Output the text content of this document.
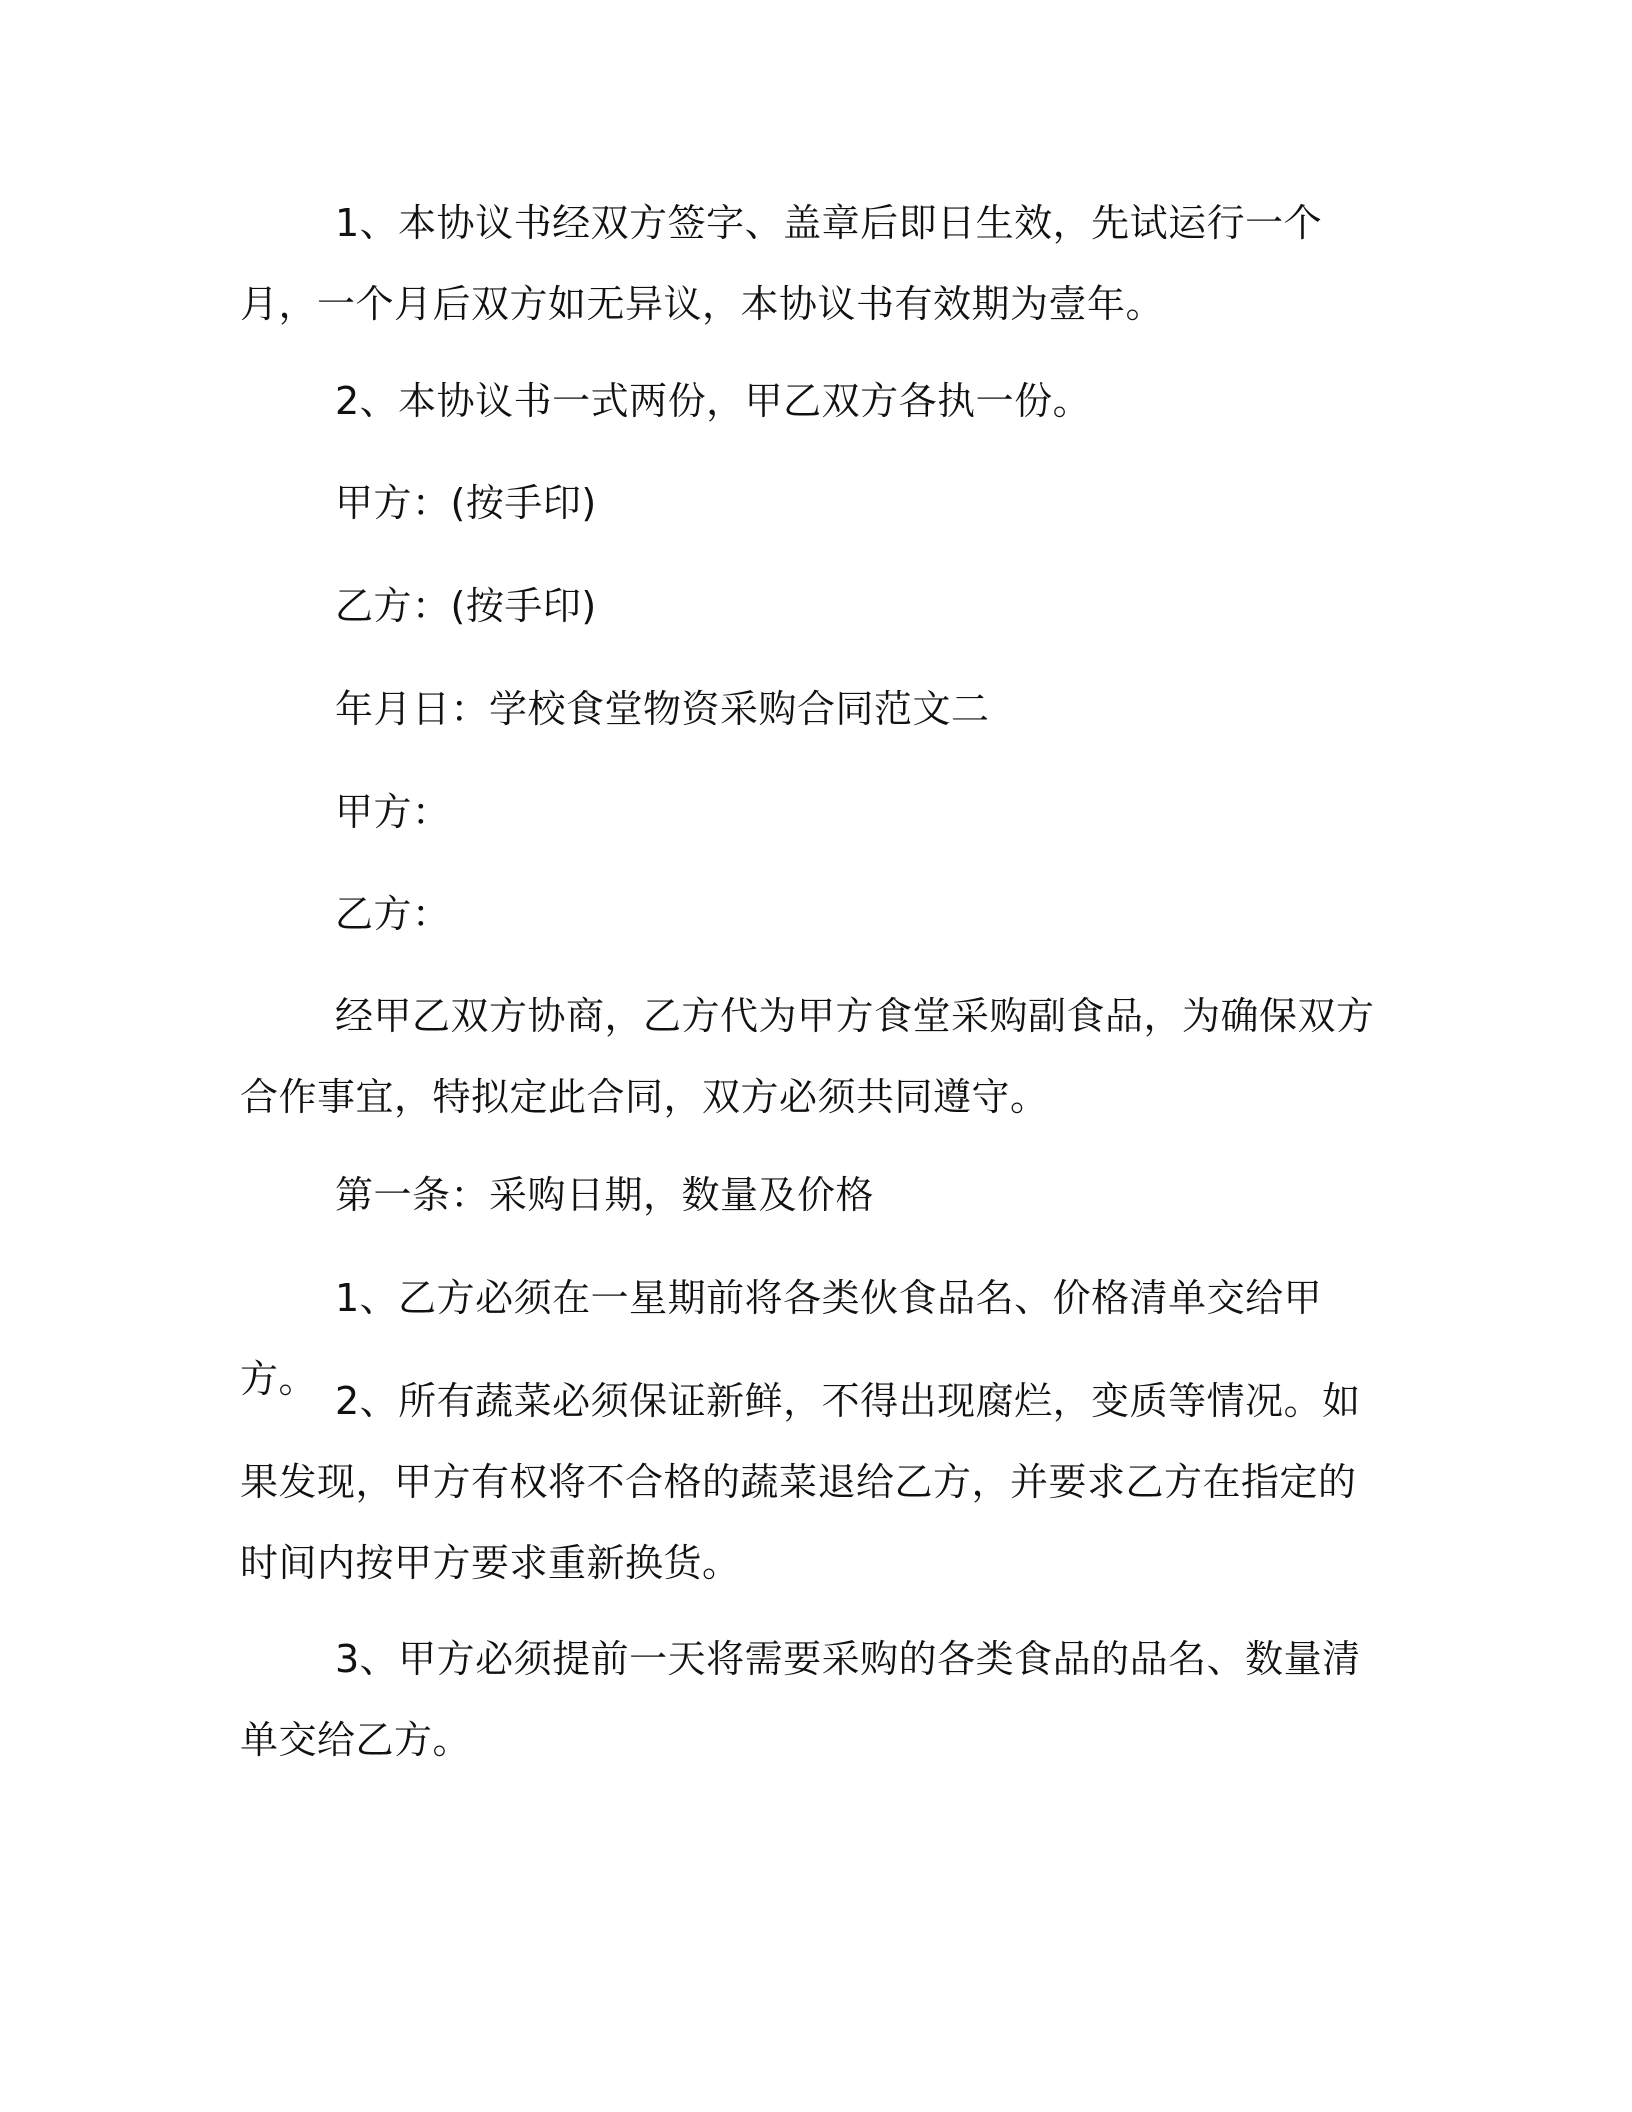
1、本协议书经双方签字、盖章后即日生效，先试运行一个月，一个月后双方如无异议，本协议书有效期为壹年。

2、本协议书一式两份，甲乙双方各执一份。

甲方：(按手印)

乙方：(按手印)

年月日：学校食堂物资采购合同范文二

甲方：

乙方：

经甲乙双方协商，乙方代为甲方食堂采购副食品，为确保双方合作事宜，特拟定此合同，双方必须共同遵守。

第一条：采购日期，数量及价格

1、乙方必须在一星期前将各类伙食品名、价格清单交给甲方。 2、所有蔬菜必须保证新鲜，不得出现腐烂，变质等情况。如果发现，甲方有权将不合格的蔬菜退给乙方，并要求乙方在指定的时间内按甲方要求重新换货。

3、甲方必须提前一天将需要采购的各类食品的品名、数量清单交给乙方。
